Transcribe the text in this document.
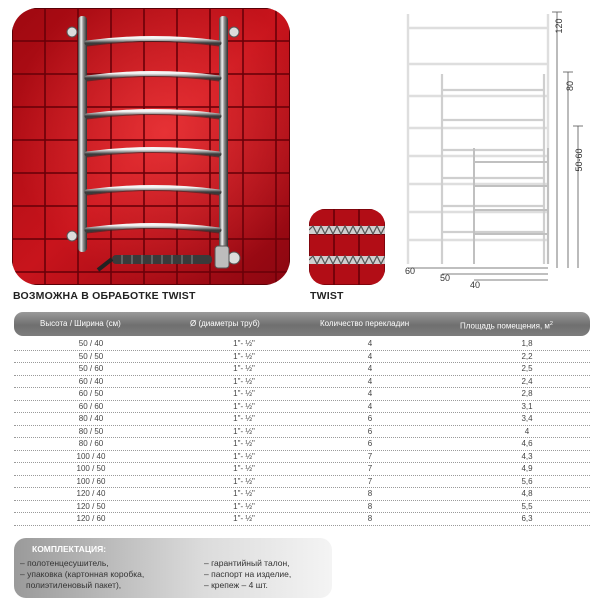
ВОЗМОЖНА В ОБРАБОТКЕ TWIST	TWIST
120
80
50-60
60
50
40
Высота / Ширина (см)	Ø (диаметры труб)	Количество перекладин	Площадь помещения, $м^2$
50 / 40	1"- ½"	4	1,8
50 / 50	1"- ½"	4	2,2
50 / 60	1"- ½"	4	2,5
60 / 40	1"- ½"	4	2,4
60 / 50	1"- ½"	4	2,8
60 / 60	1"- ½"	4	3,1
80 / 40	1"- ½"	6	3,4
80 / 50	1"- ½"	6	4
80 / 60	1"- ½"	6	4,6
100 / 40	1"- ½"	7	4,3
100 / 50	1"- ½"	7	4,9
100 / 60	1"- ½"	7	5,6
120 / 40	1"- ½"	8	4,8
120 / 50	1"- ½"	8	5,5
120 / 60	1"- ½"	8	6,3
КОМПЛЕКТАЦИЯ:
– полотенцесушитель,
– упаковка (картонная коробка,
полиэтиленовый пакет),
– гарантийный талон,
– паспорт на изделие,
– крепеж – 4 шт.
